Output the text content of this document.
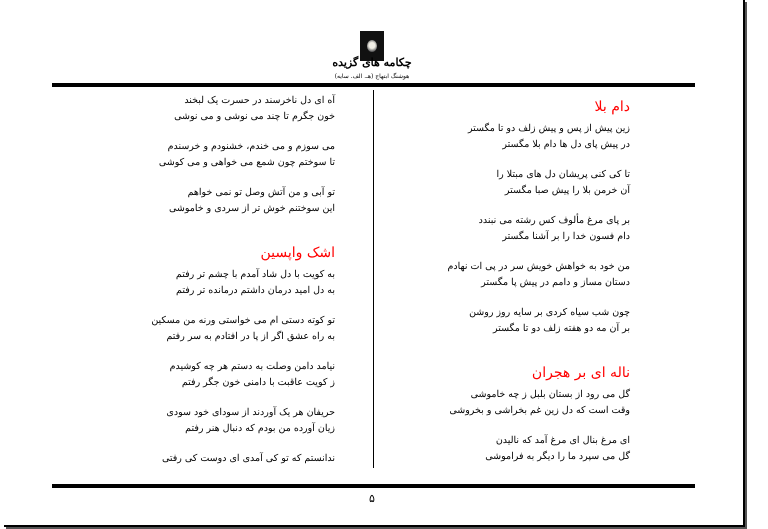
چکامه های گزیده
هوشنگ ابتهاج (هـ. الف. سایه)
۵
دام بلا
زین پیش از پس و پیش زلف دو تا مگستر
در پیش پای دل ها دام بلا مگستر
تا کی کنی پریشان دل های مبتلا را
آن خرمن بلا را پیش صبا مگستر
بر پای مرغ مألوف کس رشته می نبندد
دام فسون خدا را بر آشنا مگستر
من خود به خواهش خویش سر در پی ات نهادم
دستان مساز و دامم در پیش پا مگستر
چون شب سیاه کردی بر سایه روز روشن
بر آن مه دو هفته زلف دو تا مگستر
ناله ای بر هجران
گل می رود از بستان بلبل ز چه خاموشی
وقت است که دل زین غم بخراشی و بخروشی
ای مرغ بنال ای مرغ آمد که نالیدن
گل می سپرد ما را دیگر به فراموشی
آه ای دل ناخرسند در حسرت یک لبخند
خون جگرم تا چند می نوشی و می نوشی
می سوزم و می خندم، خشنودم و خرسندم
تا سوختم چون شمع می خواهی و می کوشی
تو آبی و من آتش وصل تو نمی خواهم
این سوختنم خوش تر از سردی و خاموشی
اشک واپسین
به کویت با دل شاد آمدم با چشم تر رفتم
به دل امید درمان داشتم درمانده تر رفتم
تو کوته دستی ام می خواستی ورنه من مسکین
به راه عشق اگر از پا در افتادم به سر رفتم
نیامد دامن وصلت به دستم هر چه کوشیدم
ز کویت عاقبت با دامنی خون جگر رفتم
حریفان هر یک آوردند از سودای خود سودی
زیان آورده من بودم که دنبال هنر رفتم
ندانستم که تو کی آمدی ای دوست کی رفتی
